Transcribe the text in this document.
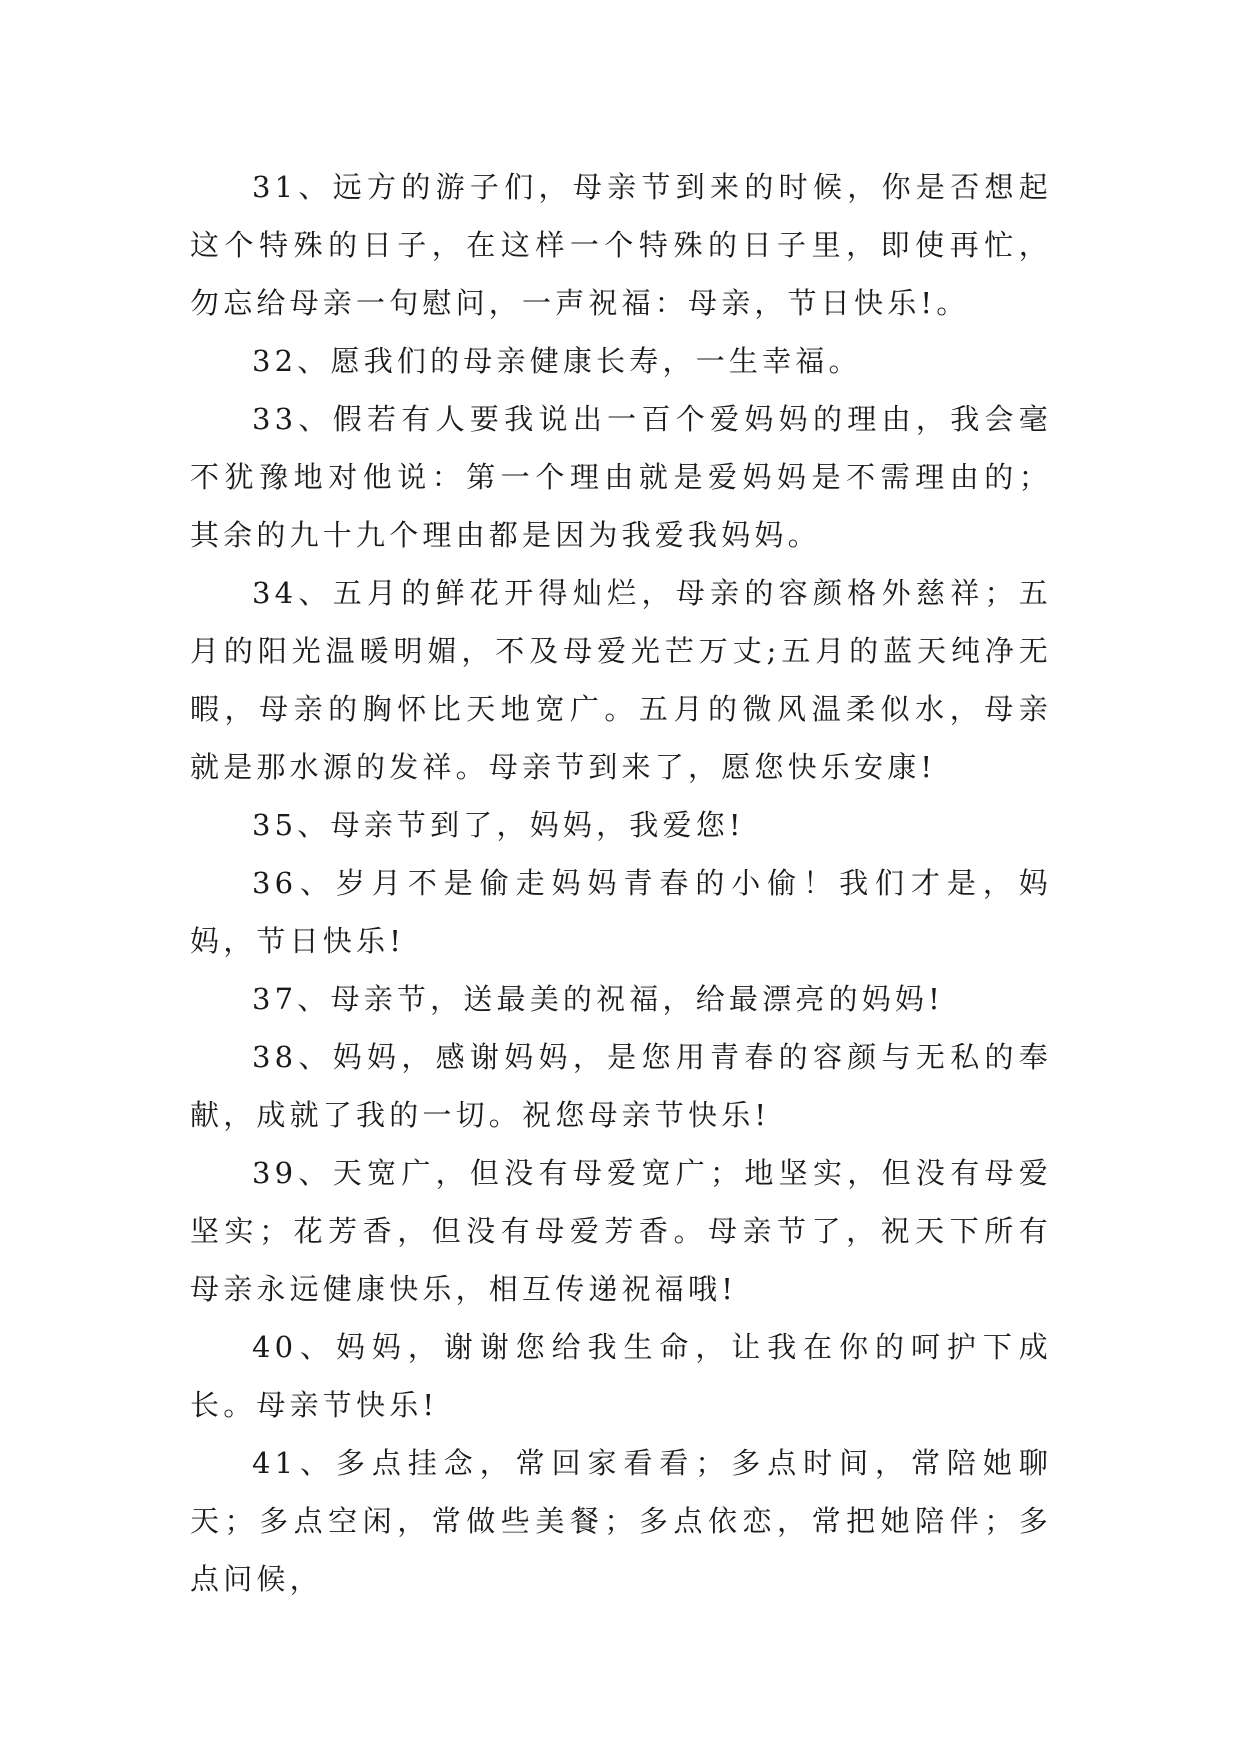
31、远方的游子们，母亲节到来的时候，你是否想起这个特殊的日子，在这样一个特殊的日子里，即使再忙，勿忘给母亲一句慰问，一声祝福：母亲，节日快乐!。

32、愿我们的母亲健康长寿，一生幸福。

33、假若有人要我说出一百个爱妈妈的理由，我会毫不犹豫地对他说：第一个理由就是爱妈妈是不需理由的；其余的九十九个理由都是因为我爱我妈妈。

34、五月的鲜花开得灿烂，母亲的容颜格外慈祥；五月的阳光温暖明媚，不及母爱光芒万丈;五月的蓝天纯净无暇，母亲的胸怀比天地宽广。五月的微风温柔似水，母亲就是那水源的发祥。母亲节到来了，愿您快乐安康!

35、母亲节到了，妈妈，我爱您!

36、岁月不是偷走妈妈青春的小偷！我们才是，妈妈，节日快乐!

37、母亲节，送最美的祝福，给最漂亮的妈妈!

38、妈妈，感谢妈妈，是您用青春的容颜与无私的奉献，成就了我的一切。祝您母亲节快乐!

39、天宽广，但没有母爱宽广；地坚实，但没有母爱坚实；花芳香，但没有母爱芳香。母亲节了，祝天下所有母亲永远健康快乐，相互传递祝福哦!

40、妈妈，谢谢您给我生命，让我在你的呵护下成长。母亲节快乐!

41、多点挂念，常回家看看；多点时间，常陪她聊天；多点空闲，常做些美餐；多点依恋，常把她陪伴；多点问候，
